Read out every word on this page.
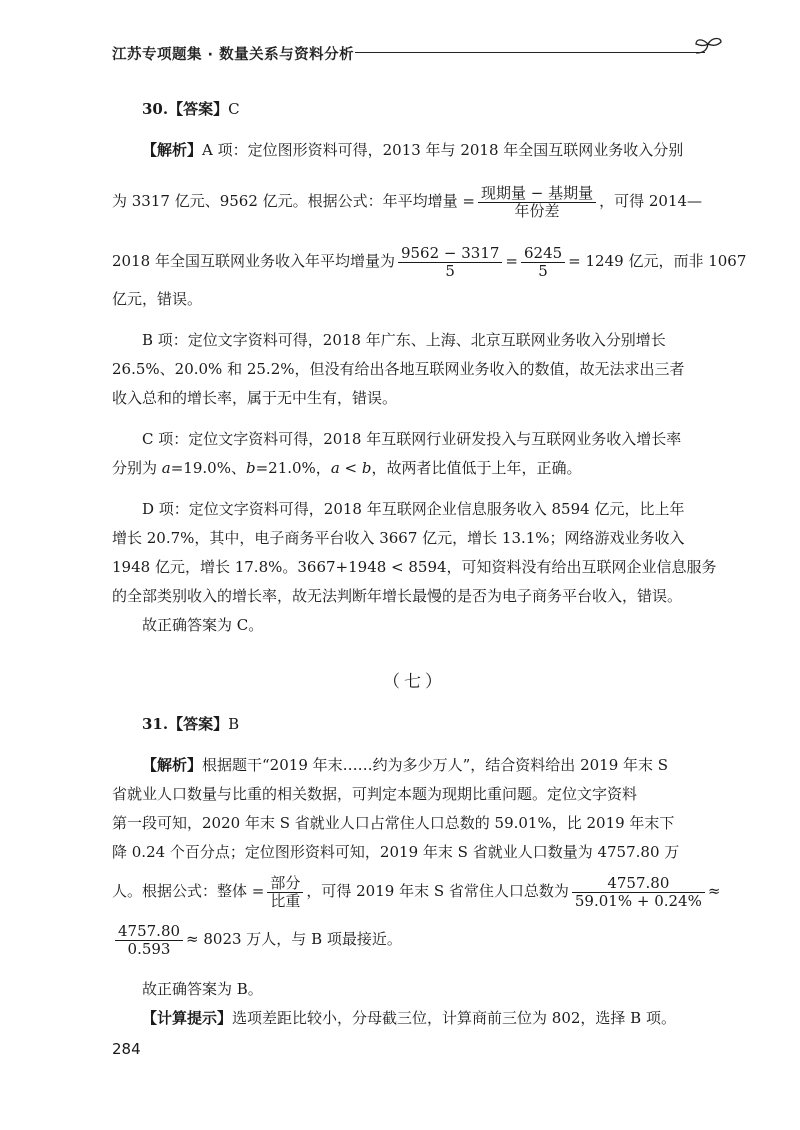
江苏专项题集 · 数量关系与资料分析

30.【答案】C

【解析】A 项：定位图形资料可得，2013 年与 2018 年全国互联网业务收入分别

为 3317 亿元、9562 亿元。根据公式：年平均增量 = $\frac{\text{现期量 − 基期量}}{\text{年份差}}$ ，可得 2014—

2018 年全国互联网业务收入年平均增量为 $\frac{9562 - 3317}{5} = \frac{6245}{5} = 1249$ 亿元，而非 1067

亿元，错误。

B 项：定位文字资料可得，2018 年广东、上海、北京互联网业务收入分别增长

26.5%、20.0% 和 25.2%，但没有给出各地互联网业务收入的数值，故无法求出三者

收入总和的增长率，属于无中生有，错误。

C 项：定位文字资料可得，2018 年互联网行业研发投入与互联网业务收入增长率

分别为 a=19.0%、b=21.0%，a < b，故两者比值低于上年，正确。

D 项：定位文字资料可得，2018 年互联网企业信息服务收入 8594 亿元，比上年

增长 20.7%，其中，电子商务平台收入 3667 亿元，增长 13.1%；网络游戏业务收入

1948 亿元，增长 17.8%。3667+1948 < 8594，可知资料没有给出互联网企业信息服务

的全部类别收入的增长率，故无法判断年增长最慢的是否为电子商务平台收入，错误。

故正确答案为 C。

（七）

31.【答案】B

【解析】根据题干“2019 年末……约为多少万人”，结合资料给出 2019 年末 S

省就业人口数量与比重的相关数据，可判定本题为现期比重问题。定位文字资料

第一段可知，2020 年末 S 省就业人口占常住人口总数的 59.01%，比 2019 年末下

降 0.24 个百分点；定位图形资料可知，2019 年末 S 省就业人口数量为 4757.80 万

人。根据公式：整体 = $\frac{\text{部分}}{\text{比重}}$ ，可得 2019 年末 S 省常住人口总数为 $\frac{4757.80}{59.01\% + 0.24\%}$ ≈

$\frac{4757.80}{0.593} \approx 8023$ 万人，与 B 项最接近。

故正确答案为 B。

【计算提示】选项差距比较小，分母截三位，计算商前三位为 802，选择 B 项。

284
